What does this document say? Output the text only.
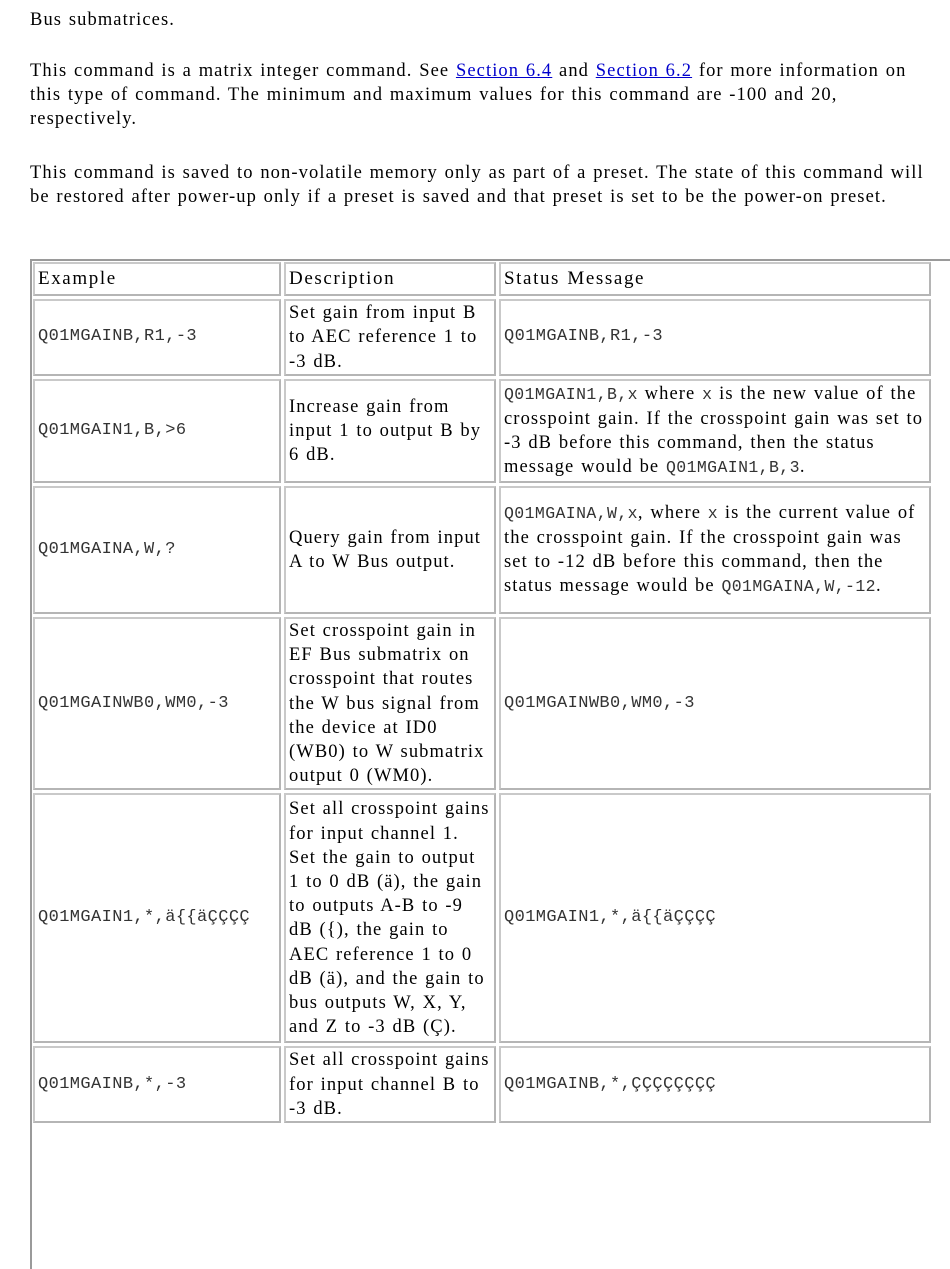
Bus submatrices.

This command is a matrix integer command. See Section 6.4 and Section 6.2 for more information on this type of command. The minimum and maximum values for this command are -100 and 20, respectively.

This command is saved to non-volatile memory only as part of a preset. The state of this command will be restored after power-up only if a preset is saved and that preset is set to be the power-on preset.

Example	Description	Status Message
Q01MGAINB,R1,-3	Set gain from input B to AEC reference 1 to -3 dB.	Q01MGAINB,R1,-3
Q01MGAIN1,B,>6	Increase gain from input 1 to output B by 6 dB.	Q01MGAIN1,B,x where x is the new value of the crosspoint gain. If the crosspoint gain was set to -3 dB before this command, then the status message would be Q01MGAIN1,B,3.
Q01MGAINA,W,?	Query gain from input A to W Bus output.	Q01MGAINA,W,x, where x is the current value of the crosspoint gain. If the crosspoint gain was set to -12 dB before this command, then the status message would be Q01MGAINA,W,-12.
Q01MGAINWB0,WM0,-3	Set crosspoint gain in EF Bus submatrix on crosspoint that routes the W bus signal from the device at ID0 (WB0) to W submatrix output 0 (WM0).	Q01MGAINWB0,WM0,-3
Q01MGAIN1,*,ä{{äÇÇÇÇ	Set all crosspoint gains for input channel 1. Set the gain to output 1 to 0 dB (ä), the gain to outputs A-B to -9 dB ({), the gain to AEC reference 1 to 0 dB (ä), and the gain to bus outputs W, X, Y, and Z to -3 dB (Ç).	Q01MGAIN1,*,ä{{äÇÇÇÇ
Q01MGAINB,*,-3	Set all crosspoint gains for input channel B to -3 dB.	Q01MGAINB,*,ÇÇÇÇÇÇÇÇ
